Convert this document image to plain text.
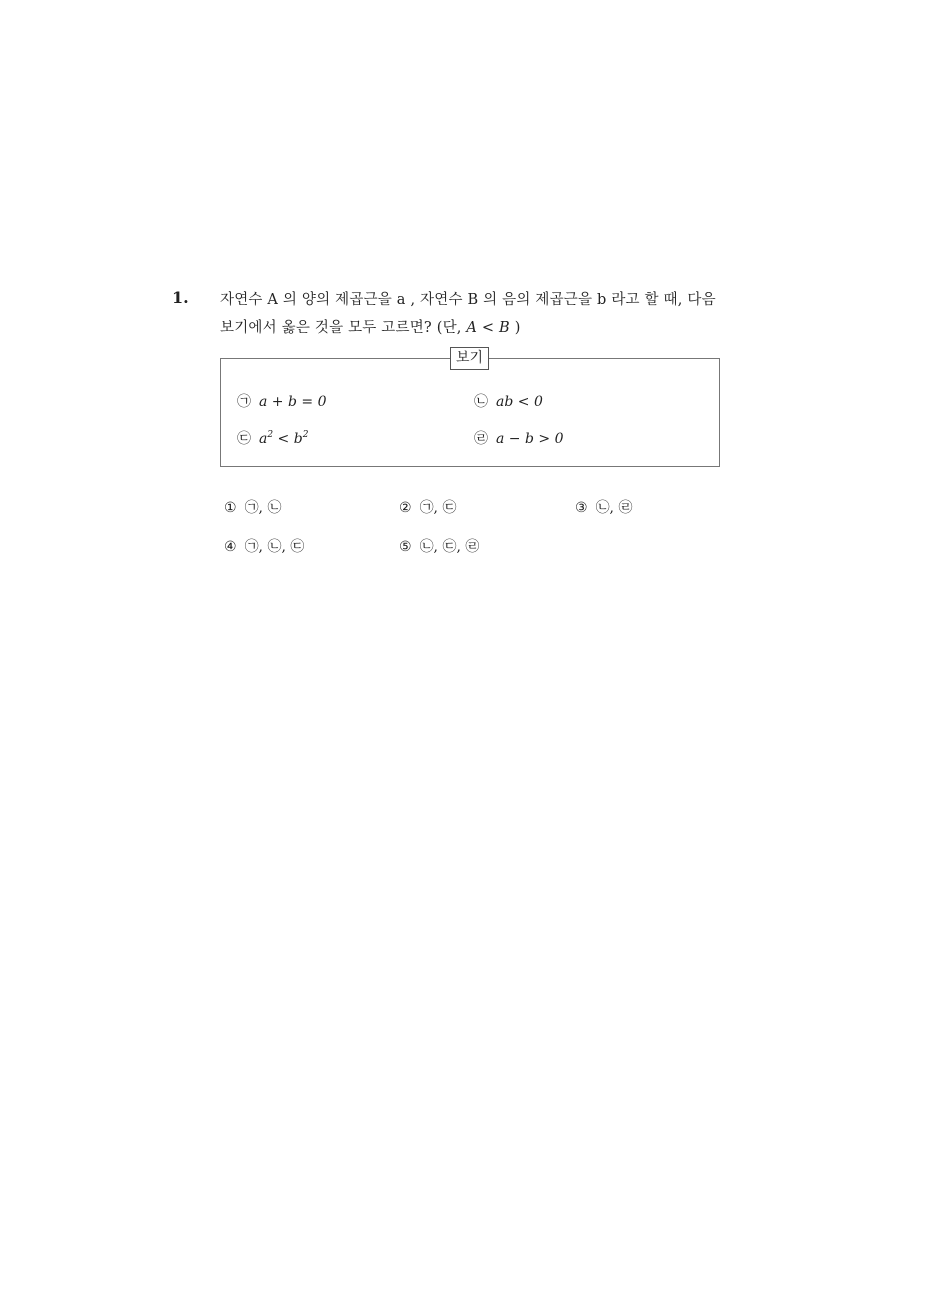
1. 자연수 A 의 양의 제곱근을 a , 자연수 B 의 음의 제곱근을 b 라고 할 때, 다음
보기에서 옳은 것을 모두 고르면? (단, A < B )
보기
㉠ a + b = 0	㉡ ab < 0
㉢ $a^2 < b^2$	㉣ a − b > 0
① ㉠, ㉡	② ㉠, ㉢	③ ㉡, ㉣
④ ㉠, ㉡, ㉢	⑤ ㉡, ㉢, ㉣
